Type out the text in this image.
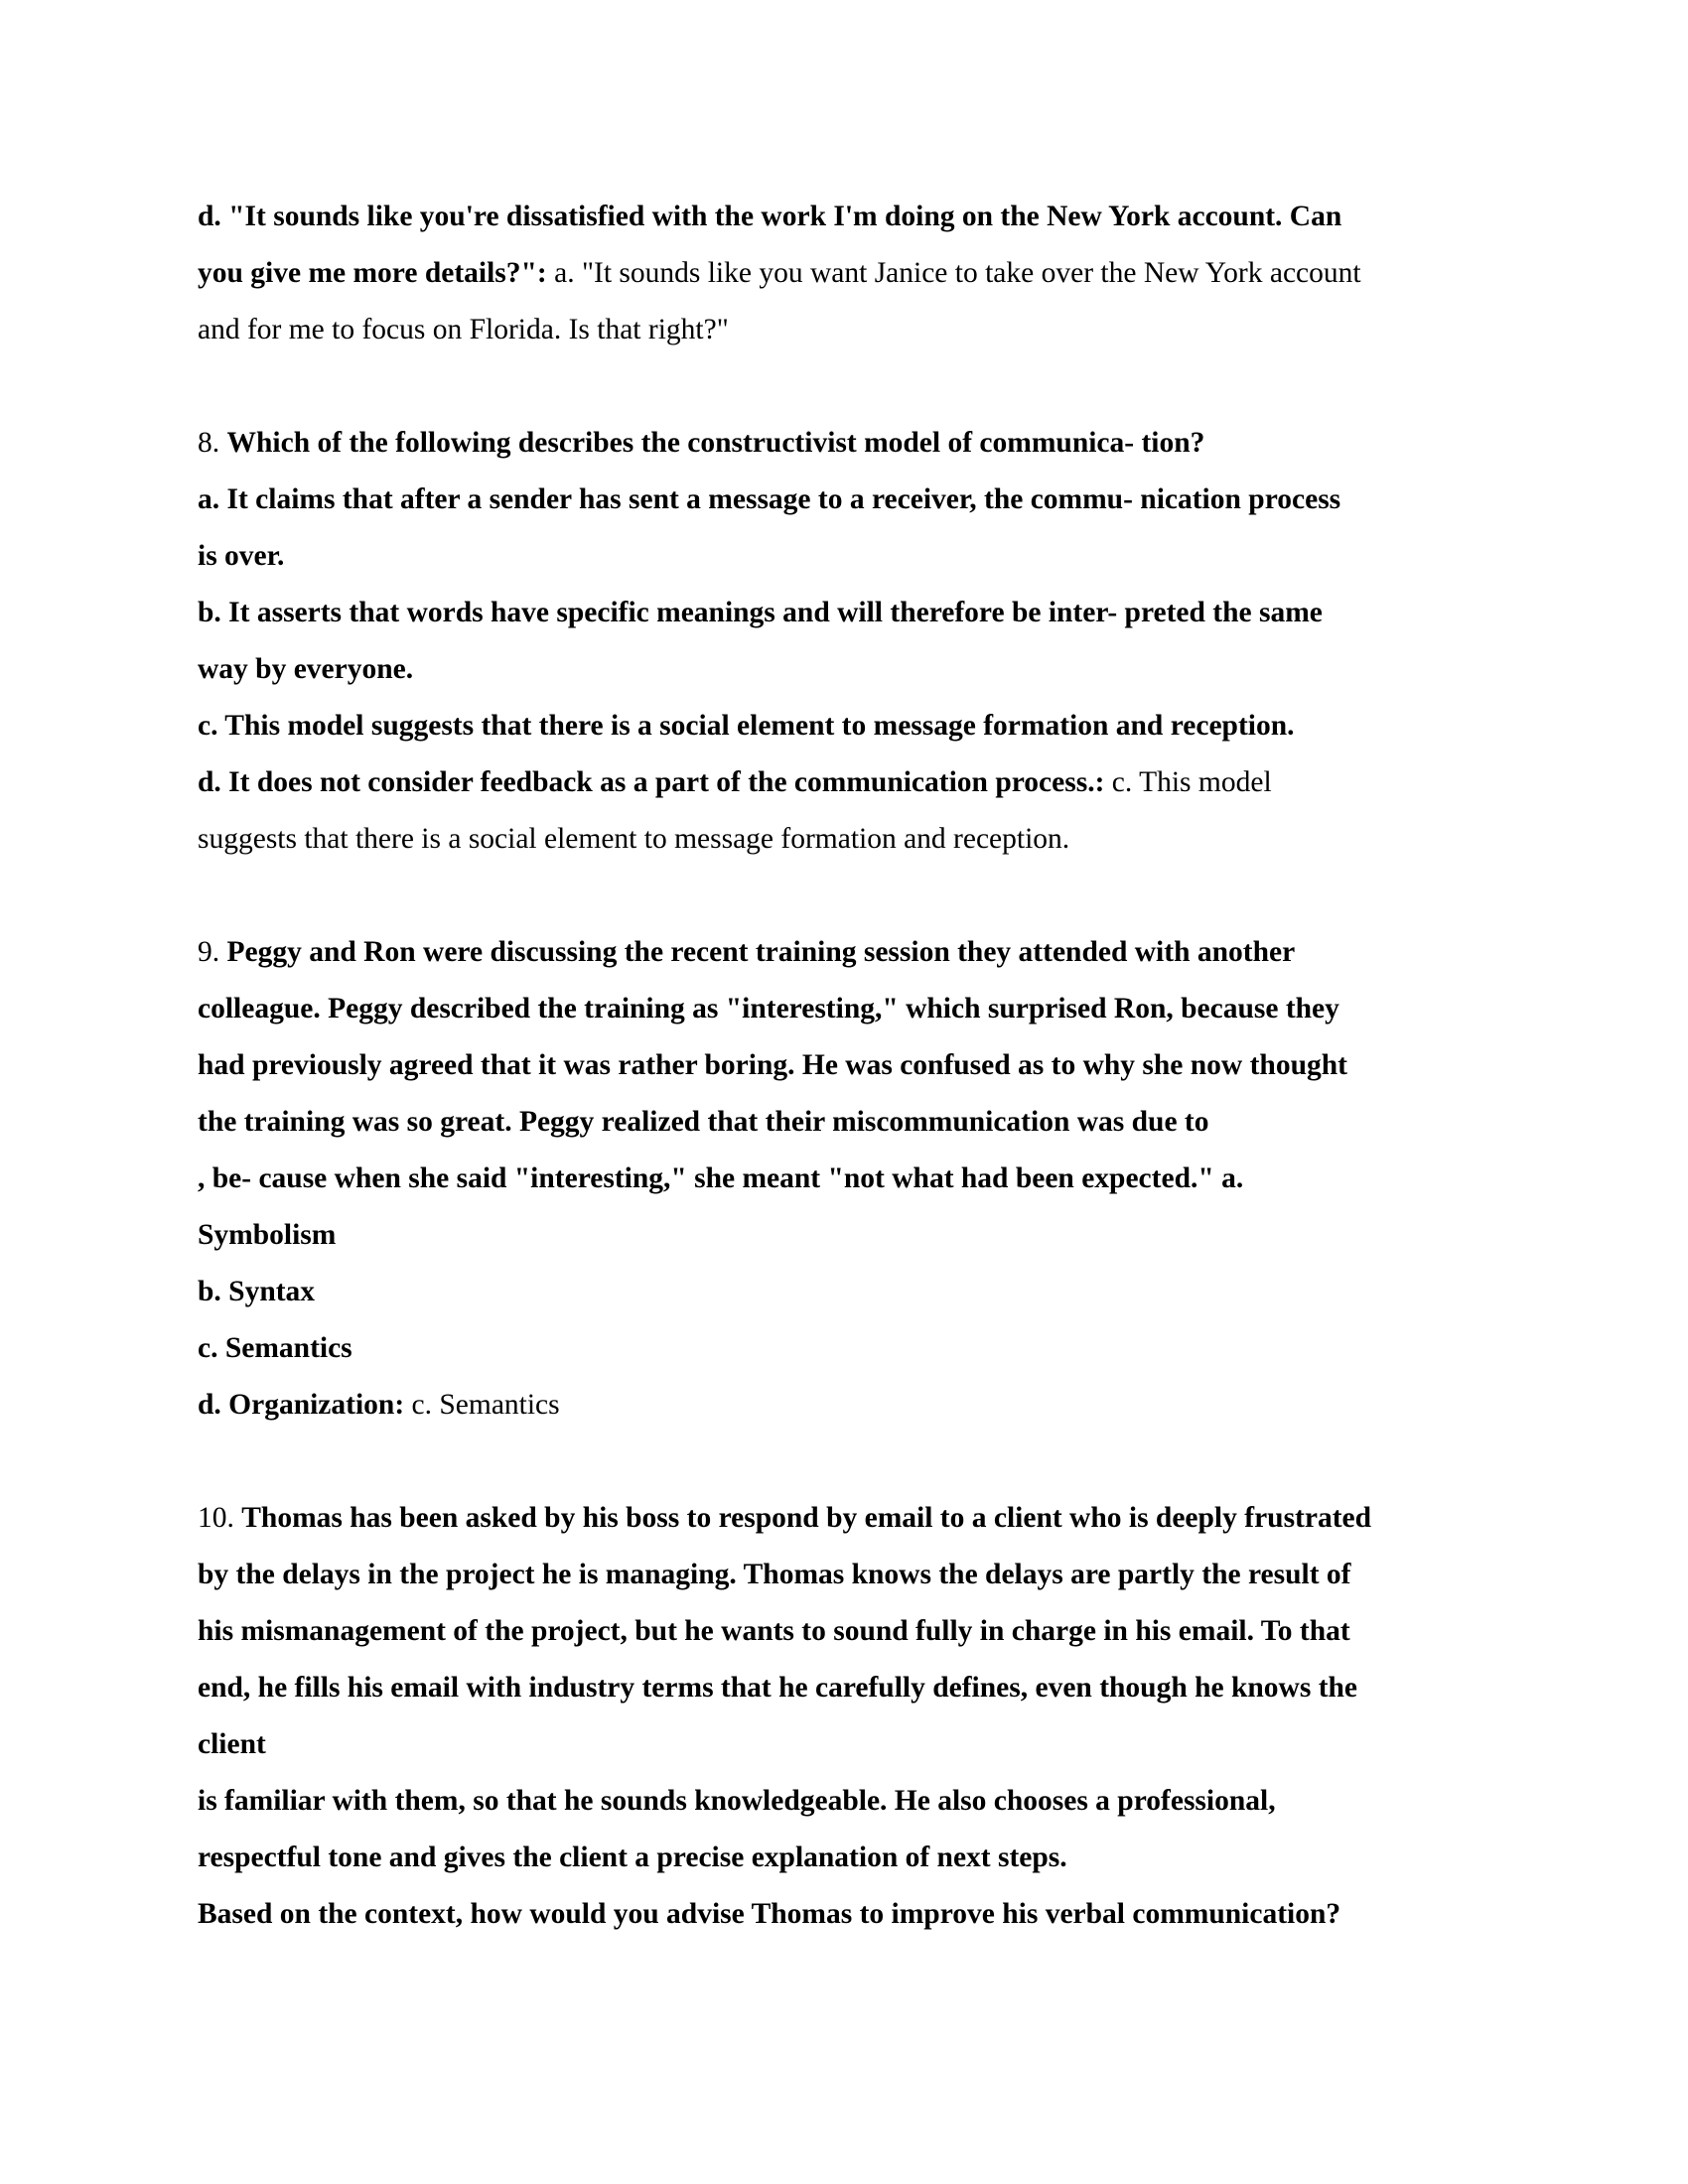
d. "It sounds like you're dissatisfied with the work I'm doing on the New York account. Can
you give me more details?": a. "It sounds like you want Janice to take over the New York account
and for me to focus on Florida. Is that right?"
8. Which of the following describes the constructivist model of communica- tion?
a. It claims that after a sender has sent a message to a receiver, the commu- nication process
is over.
b. It asserts that words have specific meanings and will therefore be inter- preted the same
way by everyone.
c. This model suggests that there is a social element to message formation and reception.
d. It does not consider feedback as a part of the communication process.: c. This model
suggests that there is a social element to message formation and reception.
9. Peggy and Ron were discussing the recent training session they attended with another
colleague. Peggy described the training as "interesting," which surprised Ron, because they
had previously agreed that it was rather boring. He was confused as to why she now thought
the training was so great. Peggy realized that their miscommunication was due to
, be- cause when she said "interesting," she meant "not what had been expected." a.
Symbolism
b. Syntax
c. Semantics
d. Organization: c. Semantics
10. Thomas has been asked by his boss to respond by email to a client who is deeply frustrated
by the delays in the project he is managing. Thomas knows the delays are partly the result of
his mismanagement of the project, but he wants to sound fully in charge in his email. To that
end, he fills his email with industry terms that he carefully defines, even though he knows the
client
is familiar with them, so that he sounds knowledgeable. He also chooses a professional,
respectful tone and gives the client a precise explanation of next steps.
Based on the context, how would you advise Thomas to improve his verbal communication?
